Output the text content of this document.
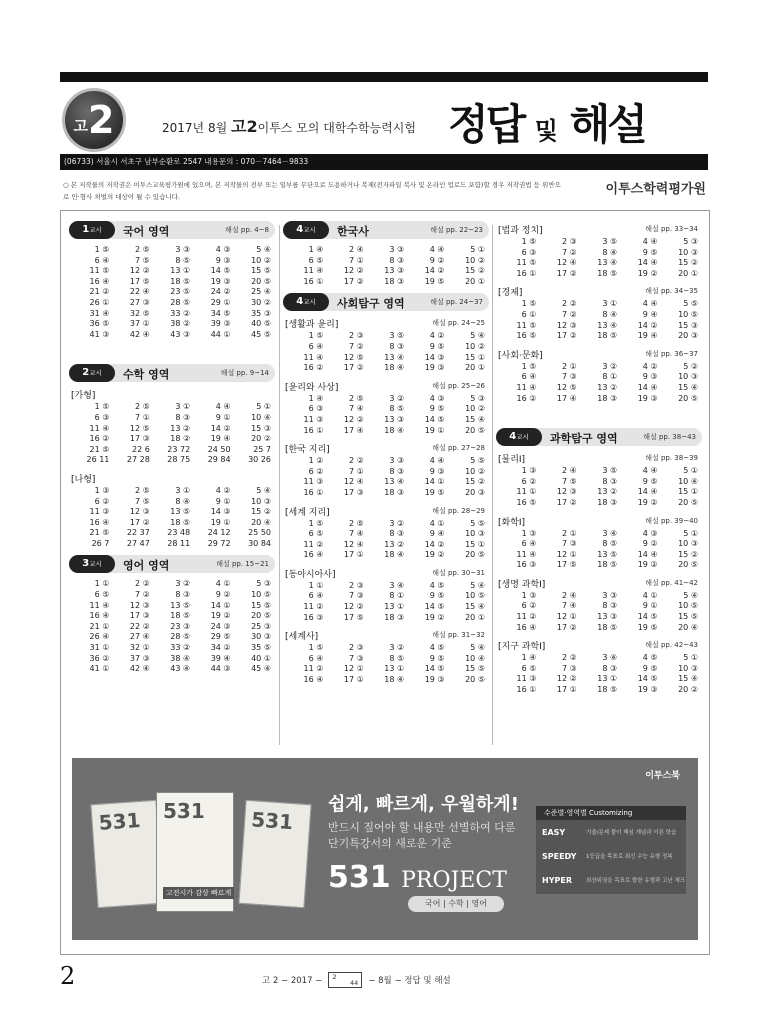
고 2	2017년 8월 고2이투스 모의 대학수학능력시험 정답 및 해설
(06733) 서울시 서초구 남부순환로 2547 내용문의 : 070－7464－9833
○ 본 저작물의 저작권은 이투스교육평가원에 있으며, 본 저작물의 전부 또는 일부를 무단으로 도용하거나 복제(전자파일 복사 및 온라인 업로드 포함)할 경우 저작권법 등 위반으로 민·형사 처벌의 대상이 될 수 있습니다.	이투스학력평가원
1교시	국어 영역	해설 pp. 4~8
1 ⑤	2 ⑤	3 ③	4 ③	5 ④
6 ④	7 ⑤	8 ⑤	9 ③	10 ②
11 ⑤	12 ②	13 ①	14 ⑤	15 ⑤
16 ④	17 ⑤	18 ⑤	19 ③	20 ⑤
21 ②	22 ④	23 ⑤	24 ②	25 ④
26 ①	27 ③	28 ⑤	29 ①	30 ②
31 ④	32 ⑤	33 ②	34 ⑤	35 ③
36 ⑤	37 ①	38 ②	39 ③	40 ⑤
41 ③	42 ④	43 ③	44 ①	45 ⑤
2교시	수학 영역	해설 pp. 9~14
[가형]
1 ⑤	2 ⑤	3 ①	4 ④	5 ①
6 ③	7 ①	8 ③	9 ①	10 ④
11 ④	12 ⑤	13 ②	14 ②	15 ③
16 ②	17 ③	18 ②	19 ④	20 ②
21 ⑤	22 6	23 72	24 50	25 7
26 11	27 28	28 75	29 84	30 26
[나형]
1 ③	2 ⑤	3 ①	4 ②	5 ④
6 ②	7 ⑤	8 ④	9 ①	10 ③
11 ③	12 ③	13 ⑤	14 ③	15 ②
16 ④	17 ②	18 ⑤	19 ①	20 ④
21 ⑤	22 37	23 48	24 12	25 50
26 7	27 47	28 11	29 72	30 84
3교시	영어 영역	해설 pp. 15~21
1 ①	2 ②	3 ②	4 ①	5 ③
6 ⑤	7 ②	8 ③	9 ②	10 ⑤
11 ④	12 ③	13 ⑤	14 ①	15 ⑤
16 ④	17 ③	18 ⑤	19 ②	20 ⑤
21 ①	22 ②	23 ③	24 ③	25 ③
26 ④	27 ④	28 ⑤	29 ⑤	30 ③
31 ①	32 ①	33 ②	34 ②	35 ⑤
36 ②	37 ③	38 ④	39 ④	40 ①
41 ①	42 ④	43 ④	44 ③	45 ④
4교시	한국사	해설 pp. 22~23
1 ④	2 ④	3 ③	4 ④	5 ①
6 ⑤	7 ①	8 ③	9 ②	10 ②
11 ④	12 ②	13 ③	14 ②	15 ②
16 ①	17 ②	18 ③	19 ⑤	20 ①
4교시	사회탐구 영역	해설 pp. 24~37
[생활과 윤리]	해설 pp. 24~25
1 ⑤	2 ③	3 ⑤	4 ②	5 ④
6 ④	7 ②	8 ③	9 ⑤	10 ②
11 ④	12 ⑤	13 ④	14 ③	15 ①
16 ②	17 ②	18 ④	19 ③	20 ①
[윤리와 사상]	해설 pp. 25~26
1 ④	2 ⑤	3 ②	4 ③	5 ③
6 ③	7 ④	8 ⑤	9 ⑤	10 ②
11 ③	12 ②	13 ③	14 ⑤	15 ④
16 ①	17 ④	18 ④	19 ①	20 ⑤
[한국 지리]	해설 pp. 27~28
1 ②	2 ②	3 ③	4 ④	5 ⑤
6 ②	7 ①	8 ③	9 ③	10 ②
11 ③	12 ④	13 ④	14 ①	15 ②
16 ①	17 ③	18 ③	19 ⑤	20 ③
[세계 지리]	해설 pp. 28~29
1 ⑤	2 ⑤	3 ②	4 ①	5 ⑤
6 ⑤	7 ④	8 ③	9 ④	10 ③
11 ②	12 ④	13 ②	14 ②	15 ①
16 ④	17 ①	18 ④	19 ②	20 ⑤
[동아시아사]	해설 pp. 30~31
1 ①	2 ③	3 ④	4 ⑤	5 ④
6 ④	7 ③	8 ①	9 ⑤	10 ⑤
11 ②	12 ②	13 ①	14 ⑤	15 ④
16 ③	17 ⑤	18 ③	19 ②	20 ①
[세계사]	해설 pp. 31~32
1 ⑤	2 ③	3 ②	4 ⑤	5 ④
6 ④	7 ③	8 ⑤	9 ⑤	10 ④
11 ②	12 ①	13 ①	14 ⑤	15 ⑤
16 ④	17 ①	18 ④	19 ③	20 ⑤
[법과 정치]	해설 pp. 33~34
1 ⑤	2 ③	3 ⑤	4 ④	5 ③
6 ③	7 ②	8 ④	9 ⑤	10 ③
11 ⑤	12 ④	13 ④	14 ④	15 ②
16 ①	17 ②	18 ⑤	19 ②	20 ①
[경제]	해설 pp. 34~35
1 ⑤	2 ②	3 ①	4 ④	5 ⑤
6 ①	7 ②	8 ④	9 ④	10 ⑤
11 ⑤	12 ③	13 ④	14 ②	15 ③
16 ⑤	17 ②	18 ⑤	19 ④	20 ③
[사회·문화]	해설 pp. 36~37
1 ⑤	2 ①	3 ②	4 ②	5 ②
6 ④	7 ③	8 ①	9 ③	10 ③
11 ④	12 ⑤	13 ②	14 ④	15 ④
16 ②	17 ④	18 ③	19 ③	20 ⑤
4교시	과학탐구 영역	해설 pp. 38~43
[물리Ⅰ]	해설 pp. 38~39
1 ③	2 ④	3 ⑤	4 ④	5 ①
6 ②	7 ⑤	8 ③	9 ⑤	10 ④
11 ①	12 ③	13 ②	14 ④	15 ①
16 ⑤	17 ②	18 ③	19 ②	20 ⑤
[화학Ⅰ]	해설 pp. 39~40
1 ③	2 ①	3 ④	4 ③	5 ①
6 ④	7 ③	8 ⑤	9 ②	10 ③
11 ④	12 ①	13 ⑤	14 ④	15 ②
16 ③	17 ⑤	18 ⑤	19 ②	20 ⑤
[생명 과학Ⅰ]	해설 pp. 41~42
1 ③	2 ④	3 ③	4 ①	5 ④
6 ②	7 ④	8 ③	9 ①	10 ⑤
11 ②	12 ①	13 ③	14 ⑤	15 ⑤
16 ④	17 ②	18 ⑤	19 ⑤	20 ④
[지구 과학Ⅰ]	해설 pp. 42~43
1 ④	2 ②	3 ④	4 ⑤	5 ①
6 ⑤	7 ③	8 ③	9 ⑤	10 ③
11 ③	12 ②	13 ①	14 ⑤	15 ④
16 ①	17 ①	18 ⑤	19 ③	20 ②
이투스북
531	531
531
고전시가 감상 빠르게
쉽게, 빠르게, 우월하게!
반드시 짚어야 할 내용만 선별하여 다룬 단기특강서의 새로운 기준
531 PROJECT
국어 | 수학 | 영어
수준별·영역별 Customizing
EASY	기출/문제 풀이 핵심 개념과 이론 학습
SPEEDY	1등급을 목표로 최신 수능 유형 정복
HYPER	최상위권을 목표로 합한 유형과 고난 체크
2	고 2 − 2017 − 2
44 − 8월 − 정답 및 해설
